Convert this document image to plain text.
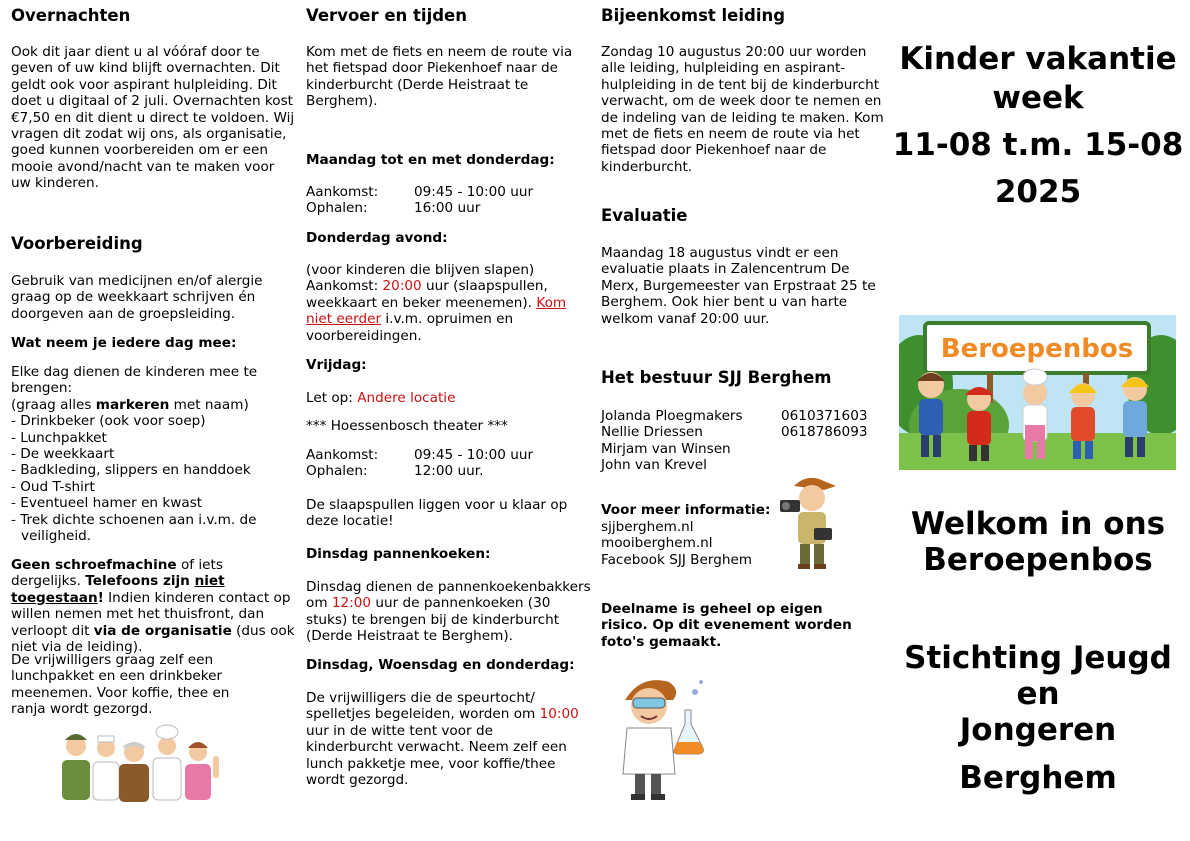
Overnachten

Ook dit jaar dient u al vóóraf door te geven of uw kind blijft overnachten. Dit geldt ook voor aspirant hulpleiding. Dit doet u digitaal of 2 juli. Overnachten kost €7,50 en dit dient u direct te voldoen. Wij vragen dit zodat wij ons, als organisatie, goed kunnen voorbereiden om er een mooie avond/nacht van te maken voor uw kinderen.

Voorbereiding

Gebruik van medicijnen en/of alergie graag op de weekkaart schrijven én doorgeven aan de groepsleiding.

Wat neem je iedere dag mee:

Elke dag dienen de kinderen mee te brengen:

(graag alles markeren met naam)

- Drinkbeker (ook voor soep)
- Lunchpakket
- De weekkaart
- Badkleding, slippers en handdoek
- Oud T-shirt
- Eventueel hamer en kwast
- Trek dichte schoenen aan i.v.m. de veiligheid.

Geen schroefmachine of iets dergelijks. Telefoons zijn niet toegestaan! Indien kinderen contact op willen nemen met het thuisfront, dan verloopt dit via de organisatie (dus ook niet via de leiding).

De vrijwilligers graag zelf een lunchpakket en een drinkbeker meenemen. Voor koffie, thee en ranja wordt gezorgd.

Vervoer en tijden

Kom met de fiets en neem de route via het fietspad door Piekenhoef naar de kinderburcht (Derde Heistraat te Berghem).

Maandag tot en met donderdag:

Aankomst:	09:45 - 10:00 uur
Ophalen:	16:00 uur

Donderdag avond:

(voor kinderen die blijven slapen)

Aankomst: 20:00 uur (slaapspullen, weekkaart en beker meenemen). Kom niet eerder i.v.m. opruimen en voorbereidingen.

Vrijdag:

Let op: Andere locatie

*** Hoessenbosch theater ***

Aankomst:	09:45 - 10:00 uur
Ophalen:	12:00 uur.

De slaapspullen liggen voor u klaar op deze locatie!

Dinsdag pannenkoeken:

Dinsdag dienen de pannenkoekenbakkers om 12:00 uur de pannenkoeken (30 stuks) te brengen bij de kinderburcht (Derde Heistraat te Berghem).

Dinsdag, Woensdag en donderdag:

De vrijwilligers die de speurtocht/ spelletjes begeleiden, worden om 10:00 uur in de witte tent voor de kinderburcht verwacht. Neem zelf een lunch pakketje mee, voor koffie/thee wordt gezorgd.

Bijeenkomst leiding

Zondag 10 augustus 20:00 uur worden alle leiding, hulpleiding en aspirant-hulpleiding in de tent bij de kinderburcht verwacht, om de week door te nemen en de indeling van de leiding te maken. Kom met de fiets en neem de route via het fietspad door Piekenhoef naar de kinderburcht.

Evaluatie

Maandag 18 augustus vindt er een evaluatie plaats in Zalencentrum De Merx, Burgemeester van Erpstraat 25 te Berghem. Ook hier bent u van harte welkom vanaf 20:00 uur.

Het bestuur SJJ Berghem
Jolanda Ploegmakers	0610371603
Nellie Driessen	0618786093
Mirjam van Winsen
John van Krevel

Voor meer informatie:

sjjberghem.nl

mooiberghem.nl

Facebook SJJ Berghem

Deelname is geheel op eigen risico. Op dit evenement worden foto's gemaakt.

Kinder vakantie
week
11-08 t.m. 15-08
2025
Beroepenbos
Welkom in ons
Beroepenbos
Stichting Jeugd en
Jongeren
Berghem
